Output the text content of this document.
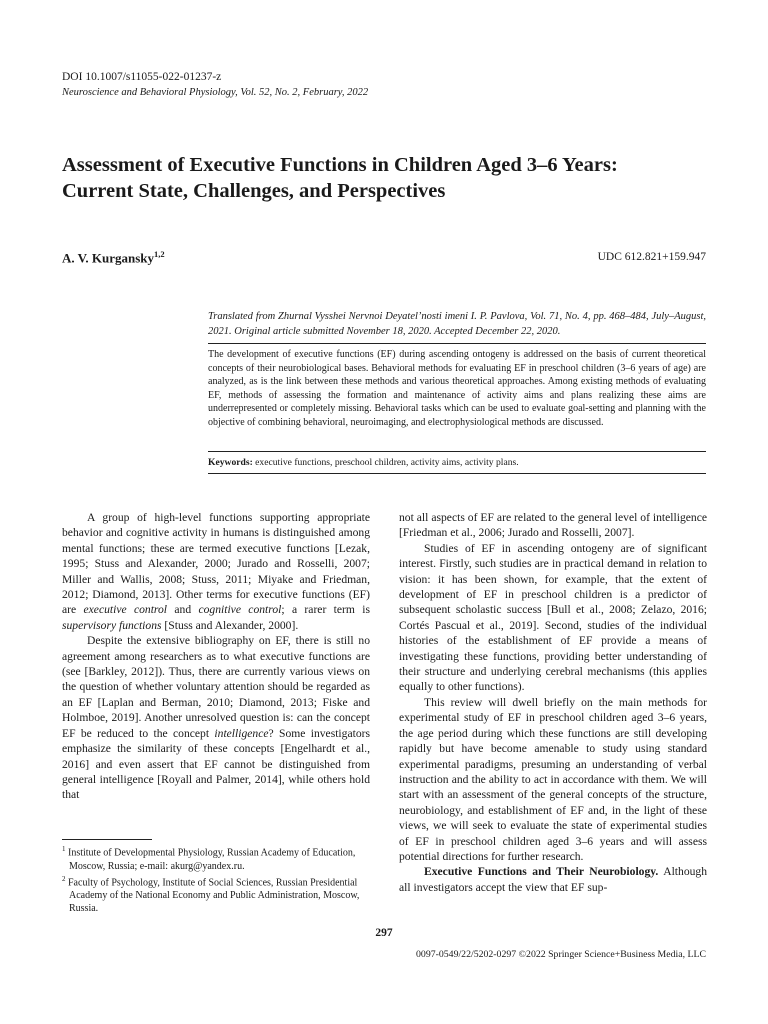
DOI 10.1007/s11055-022-01237-z
Neuroscience and Behavioral Physiology, Vol. 52, No. 2, February, 2022
Assessment of Executive Functions in Children Aged 3–6 Years:
Current State, Challenges, and Perspectives
A. V. Kurgansky$^{1,2}$	UDC 612.821+159.947
Translated from Zhurnal Vysshei Nervnoi Deyatel’nosti imeni I. P. Pavlova, Vol. 71, No. 4, pp. 468–484, July–August, 2021. Original article submitted November 18, 2020. Accepted December 22, 2020.
The development of executive functions (EF) during ascending ontogeny is addressed on the basis of current theoretical concepts of their neurobiological bases. Behavioral methods for evaluating EF in preschool children (3–6 years of age) are analyzed, as is the link between these methods and various theoretical approaches. Among existing methods of evaluating EF, methods of assessing the formation and maintenance of activity aims and plans realizing these aims are underrepresented or completely missing. Behavioral tasks which can be used to evaluate goal-setting and planning with the objective of combining behavioral, neuroimaging, and electrophysiological methods are discussed.
Keywords: executive functions, preschool children, activity aims, activity plans.

A group of high-level functions supporting appropriate behavior and cognitive activity in humans is distinguished among mental functions; these are termed executive functions [Lezak, 1995; Stuss and Alexander, 2000; Jurado and Rosselli, 2007; Miller and Wallis, 2008; Stuss, 2011; Miyake and Friedman, 2012; Diamond, 2013]. Other terms for executive functions (EF) are executive control and cognitive control; a rarer term is supervisory functions [Stuss and Alexander, 2000].

Despite the extensive bibliography on EF, there is still no agreement among researchers as to what executive functions are (see [Barkley, 2012]). Thus, there are currently various views on the question of whether voluntary attention should be regarded as an EF [Laplan and Berman, 2010; Diamond, 2013; Fiske and Holmboe, 2019]. Another unresolved question is: can the concept EF be reduced to the concept intelligence? Some investigators emphasize the similarity of these concepts [Engelhardt et al., 2016] and even assert that EF cannot be distinguished from general intelligence [Royall and Palmer, 2014], while others hold that

$^1$ Institute of Developmental Physiology, Russian Academy of Education, Moscow, Russia; e-mail: akurg@yandex.ru.

$^2$ Faculty of Psychology, Institute of Social Sciences, Russian Presidential Academy of the National Economy and Public Administration, Moscow, Russia.

not all aspects of EF are related to the general level of intelligence [Friedman et al., 2006; Jurado and Rosselli, 2007].

Studies of EF in ascending ontogeny are of significant interest. Firstly, such studies are in practical demand in relation to vision: it has been shown, for example, that the extent of development of EF in preschool children is a predictor of subsequent scholastic success [Bull et al., 2008; Zelazo, 2016; Cortés Pascual et al., 2019]. Second, studies of the individual histories of the establishment of EF provide a means of investigating these functions, providing better understanding of their structure and underlying cerebral mechanisms (this applies equally to other functions).

This review will dwell briefly on the main methods for experimental study of EF in preschool children aged 3–6 years, the age period during which these functions are still developing rapidly but have become amenable to study using standard experimental paradigms, presuming an understanding of verbal instruction and the ability to act in accordance with them. We will start with an assessment of the general concepts of the structure, neurobiology, and establishment of EF and, in the light of these views, we will seek to evaluate the state of experimental studies of EF in preschool children aged 3–6 years and will assess potential directions for further research.

Executive Functions and Their Neurobiology. Although all investigators accept the view that EF sup-

297
0097-0549/22/5202-0297 ©2022 Springer Science+Business Media, LLC
